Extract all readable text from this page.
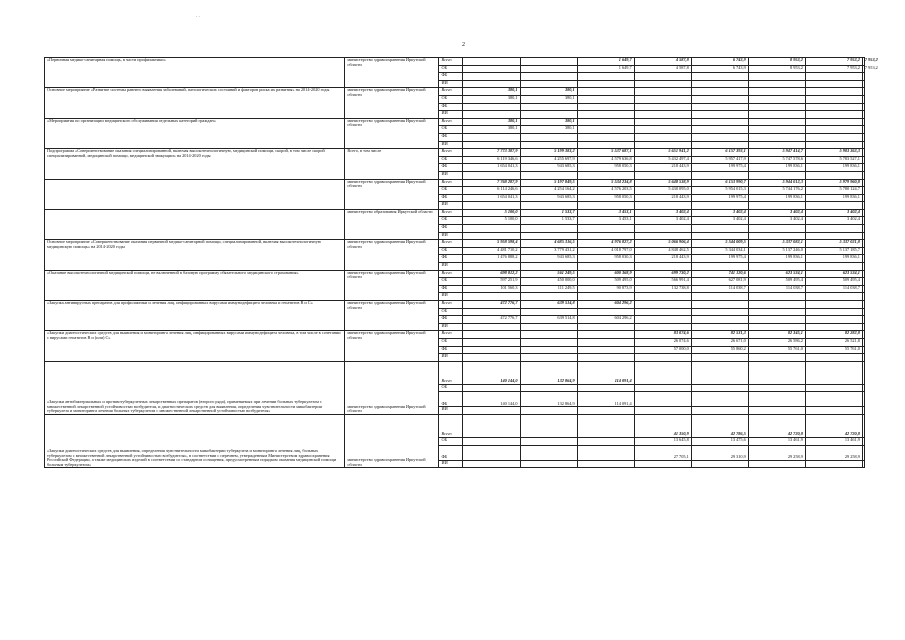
2
. .
«Первичная медико-санитарная помощь, в части профилактики»	министерство здравоохранения Иркутской области	Всего			1 649,7	4 587,8	6 743,9	8 953,2	7 953,2	7 953,2
		ОБ			1 649,7	4 587,8	6 743,9	8 953,2	7 953,2	7 953,2
		ФБ								
		ИИ								
Основное мероприятие «Развитие системы раннего выявления заболеваний, патологических состояний и факторов риска их развития» на 2014-2020 годы	министерство здравоохранения Иркутской области	Всего	380,1	380,1						
		ОБ	380,1	380,1						
		ФБ								
		ИИ								
«Мероприятия по организации медицинского обслуживания отдельных категорий граждан»	министерство здравоохранения Иркутской области	Всего	380,1	380,1						
		ОБ	380,1	380,1						
		ФБ								
		ИИ								
Подпрограмма «Совершенствование оказания специализированной, включая высокотехнологичную, медицинской помощи, скорой, в том числе скорой специализированной, медицинской помощи, медицинской эвакуации» на 2014-2020 годы	Всего, в том числе	Всего	7 773 387,9	5 199 383,2	5 537 687,1	5 651 941,2	6 157 393,1	5 947 414,7	5 983 363,3	
		ОБ	6 119 346,6	4 255 697,9	4 579 636,8	5 432 497,4	5 957 417,9	5 747 578,6	5 783 527,1	
		ФБ	1 654 041,3	943 685,3	958 050,3	218 443,9	199 975,4	199 836,1	199 836,1	
		ИИ								
	министерство здравоохранения Иркутской области	Всего	7 768 287,9	5 197 849,5	5 534 234,8	5 648 538,9	6 153 990,7	5 944 012,3	5 979 960,8	
		ОБ	6 114 246,6	4 254 164,2	4 576 203,5	5 430 095,0	5 954 015,3	5 744 176,2	5 780 124,7	
		ФБ	1 654 041,3	943 685,3	958 050,3	218 443,9	199 975,4	199 836,1	199 836,1	
		ИИ								
	министерство образования Иркутской области	Всего	5 100,0	1 533,7	3 453,1	3 402,4	3 402,4	3 402,4	3 402,4	
		ОБ	5 100,0	1 533,7	3 453,1	3 402,4	3 402,4	3 402,4	3 402,4	
		ФБ								
		ИИ								
Основное мероприятие «Совершенствование оказания первичной медико-санитарной помощи, специализированной, включая высокотехнологичную медицинскую помощь» на 2014-2020 годы	министерство здравоохранения Иркутской области	Всего	5 958 598,4	4 685 316,5	4 976 827,2	5 066 906,4	5 544 009,5	5 337 082,1	5 337 021,8	
		ОБ	4 481 710,2	3 779 431,2	4 018 797,0	4 848 462,5	5 344 034,1	5 137 246,0	5 137 185,7	
		ФБ	1 476 888,2	943 685,3	958 030,3	218 443,9	199 975,4	199 836,1	199 836,1	
		ИИ								
«Оказание высокотехнологичной медицинской помощи, не включенной в базовую программу обязательного медицинского страхования»	министерство здравоохранения Иркутской области	Всего	698 812,2	561 249,5	600 368,9	699 730,2	741 120,6	623 534,1	623 534,1	
		ОБ	597 251,9	450 000,0	509 495,0	566 991,4	627 081,9	509 495,4	509 495,4	
		ФБ	101 560,3	111 249,5	90 873,9	132 738,8	114 038,7	114 038,7	114 038,7	
		ИИ								
«Закупка антивирусных препаратов для профилактики и лечения лиц, инфицированных вирусами иммунодефицита человека и гепатитов В и С»	министерство здравоохранения Иркутской области	Всего	472 776,7	639 514,8	604 296,2					
		ОБ								
		ФБ	472 776,7	639 514,8	604 296,2					
		ИИ								
«Закупки диагностических средств для выявления и мониторинга лечения лиц, инфицированных вирусами иммунодефицита человека, в том числе в сочетании с вирусами гепатитов В и (или) С»	министерство здравоохранения Иркутской области	Всего				83 074,6	82 531,3	82 345,1	82 282,8	
		ОБ				26 074,6	26 671,0	26 586,2	26 521,8	
		ФБ				57 000,0	55 860,2	55 761,0	55 761,0	
		ИИ								
«Закупки антибактериальных и противотуберкулезных лекарственных препаратов (второго ряда), применяемых при лечении больных туберкулезом с множественной лекарственной устойчивостью возбудителя, и диагностических средств для выявления, определения чувствительности микобактерии туберкулеза и мониторинга лечения больных туберкулезом с множественной лекарственной устойчивостью возбудителя»	министерство здравоохранения Иркутской области	Всего	140 144,0	132 864,9	114 091,4					
		ОБ								
		ФБ	140 144,0	132 864,9	114 091,4					
		ИИ								
«Закупки диагностических средств для выявления, определения чувствительности микобактерии туберкулеза и мониторинга лечения лиц, больных туберкулезом с множественной лекарственной устойчивостью возбудителя», в соответствии с перечнем, утвержденным Министерством здравоохранения Российской Федерации, а также медицинских изделий в соответствии со стандартом оснащения, предусмотренным порядком оказания медицинской помощи больным туберкулезом»	министерство здравоохранения Иркутской области	Всего				41 350,9	42 786,5	42 720,8	42 720,8	
		ОБ				13 645,8	13 475,6	13 461,9	13 461,9	
		ФБ				27 705,1	29 310,9	29 258,9	29 258,9	
		ИИ								
